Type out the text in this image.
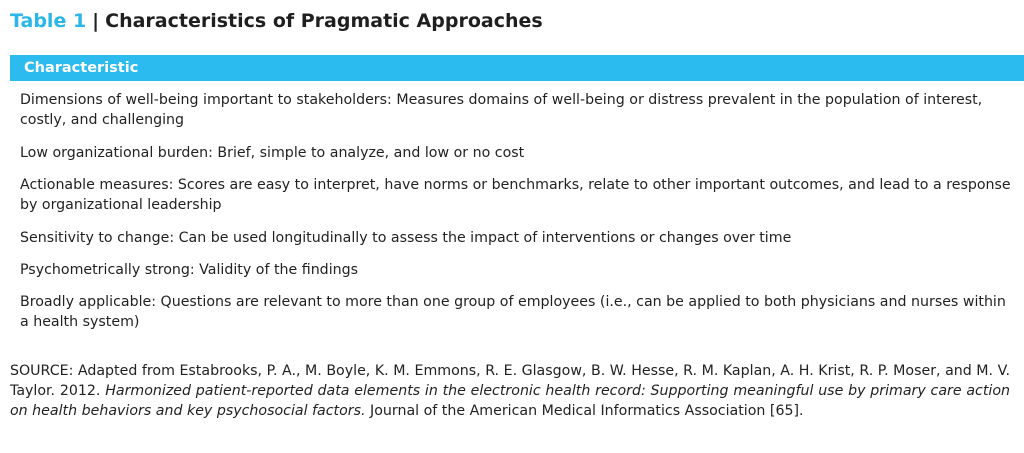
Table 1 | Characteristics of Pragmatic Approaches
Characteristic
Dimensions of well-being important to stakeholders: Measures domains of well-being or distress prevalent in the population of interest, costly, and challenging
Low organizational burden: Brief, simple to analyze, and low or no cost
Actionable measures: Scores are easy to interpret, have norms or benchmarks, relate to other important outcomes, and lead to a response by organizational leadership
Sensitivity to change: Can be used longitudinally to assess the impact of interventions or changes over time
Psychometrically strong: Validity of the findings
Broadly applicable: Questions are relevant to more than one group of employees (i.e., can be applied to both physicians and nurses within a health system)
SOURCE: Adapted from Estabrooks, P. A., M. Boyle, K. M. Emmons, R. E. Glasgow, B. W. Hesse, R. M. Kaplan, A. H. Krist, R. P. Moser, and M. V. Taylor. 2012. Harmonized patient-reported data elements in the electronic health record: Supporting meaningful use by primary care action on health behaviors and key psychosocial factors. Journal of the American Medical Informatics Association [65].
